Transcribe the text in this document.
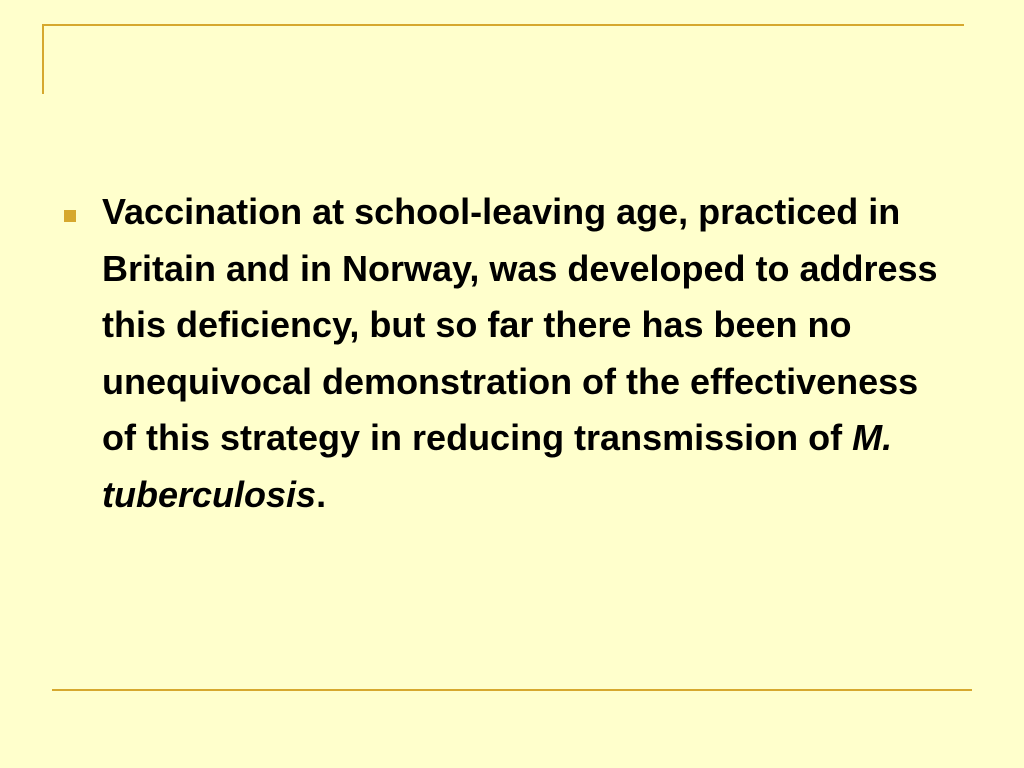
Vaccination at school-leaving age, practiced in Britain and in Norway, was developed to address this deficiency, but so far there has been no unequivocal demonstration of the effectiveness of this strategy in reducing transmission of M. tuberculosis.
